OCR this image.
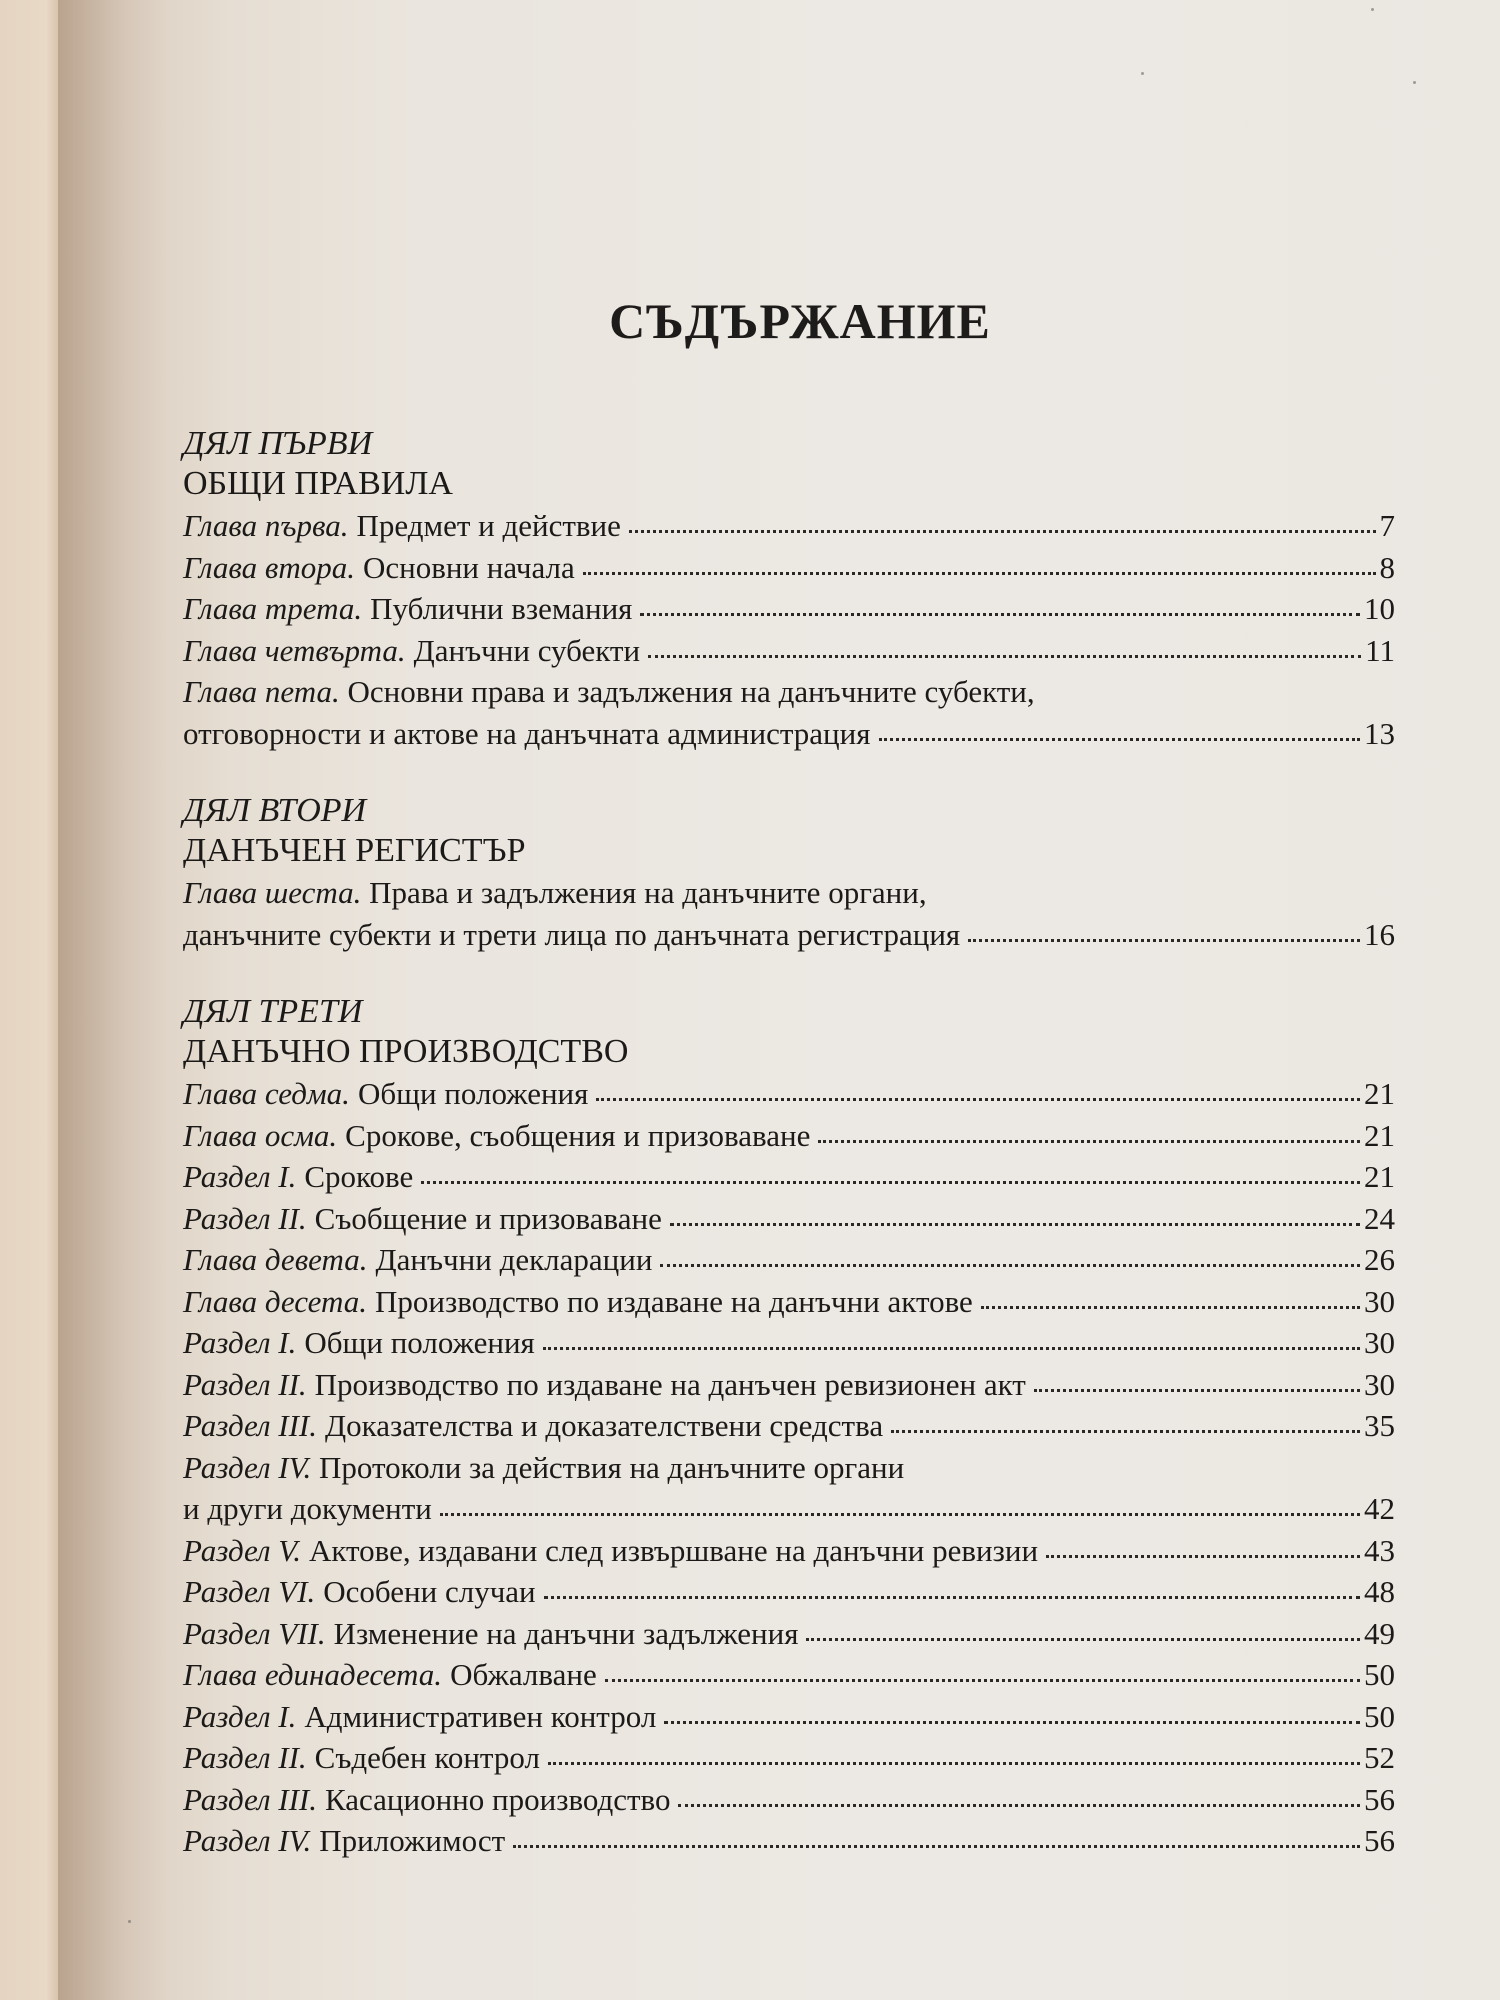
СЪДЪРЖАНИЕ
ДЯЛ ПЪРВИ
ОБЩИ ПРАВИЛА
Глава първа. Предмет и действие	7
Глава втора. Основни начала	8
Глава трета. Публични вземания	10
Глава четвърта. Данъчни субекти	11
Глава пета. Основни права и задължения на данъчните субекти,
отговорности и актове на данъчната администрация	13
ДЯЛ ВТОРИ
ДАНЪЧЕН РЕГИСТЪР
Глава шеста. Права и задължения на данъчните органи,
данъчните субекти и трети лица по данъчната регистрация	16
ДЯЛ ТРЕТИ
ДАНЪЧНО ПРОИЗВОДСТВО
Глава седма. Общи положения	21
Глава осма. Срокове, съобщения и призоваване	21
Раздел I. Срокове	21
Раздел II. Съобщение и призоваване	24
Глава девета. Данъчни декларации	26
Глава десета. Производство по издаване на данъчни актове	30
Раздел I. Общи положения	30
Раздел II. Производство по издаване на данъчен ревизионен акт	30
Раздел III. Доказателства и доказателствени средства	35
Раздел IV. Протоколи за действия на данъчните органи
и други документи	42
Раздел V. Актове, издавани след извършване на данъчни ревизии	43
Раздел VI. Особени случаи	48
Раздел VII. Изменение на данъчни задължения	49
Глава единадесета. Обжалване	50
Раздел I. Административен контрол	50
Раздел II. Съдебен контрол	52
Раздел III. Касационно производство	56
Раздел IV. Приложимост	56
